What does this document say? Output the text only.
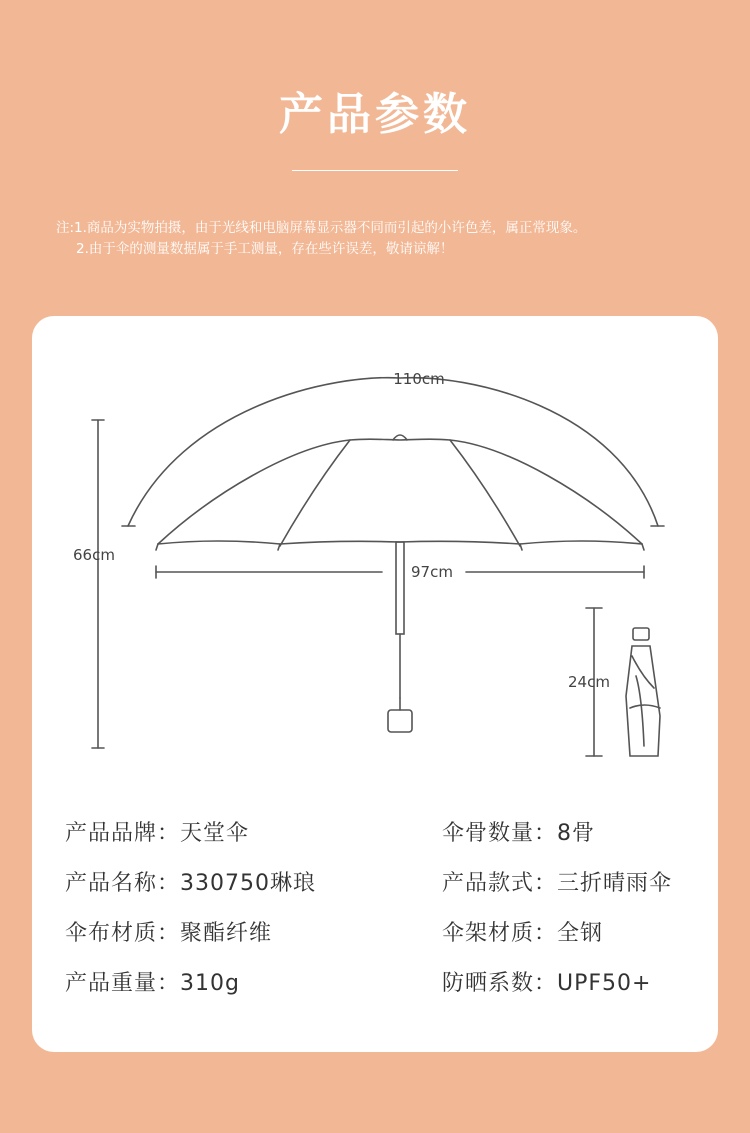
产品参数
注:1.商品为实物拍摄，由于光线和电脑屏幕显示器不同而引起的小许色差，属正常现象。
2.由于伞的测量数据属于手工测量，存在些许误差，敬请谅解！
110cm
66cm
97cm
24cm
产品品牌：天堂伞	伞骨数量：8骨
产品名称：330750琳琅	产品款式：三折晴雨伞
伞布材质：聚酯纤维	伞架材质：全钢
产品重量：310g	防晒系数：UPF50+
